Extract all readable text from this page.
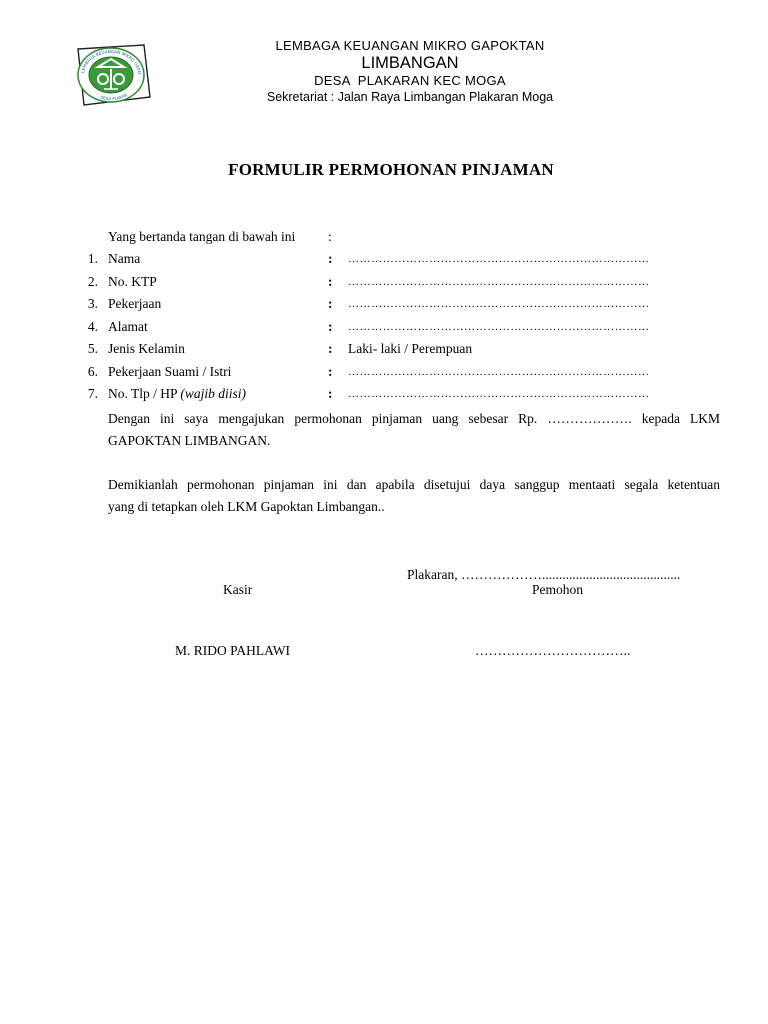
LEMBAGA KEUANGAN MIKRO GAPO
DESA PLAKAR
LEMBAGA KEUANGAN MIKRO GAPOKTAN
LIMBANGAN
DESA  PLAKARAN KEC MOGA
Sekretariat : Jalan Raya Limbangan Plakaran Moga
FORMULIR PERMOHONAN PINJAMAN
Yang bertanda tangan di bawah ini :
1. Nama	: ……………………………………………………………………
2. No. KTP	: ……………………………………………………………………
3. Pekerjaan	: ……………………………………………………………………
4. Alamat	: ……………………………………………………………………
5. Jenis Kelamin	: Laki- laki / Perempuan
6. Pekerjaan Suami / Istri	: ……………………………………………………………………
7. No. Tlp / HP (wajib diisi)	: ……………………………………………………………………
Dengan ini saya mengajukan permohonan pinjaman uang sebesar Rp. ………………. kepada LKM
GAPOKTAN LIMBANGAN.
Demikianlah permohonan pinjaman ini dan apabila disetujui daya sanggup mentaati segala ketentuan
yang di tetapkan oleh LKM Gapoktan Limbangan..
Plakaran, ……………….........................................
Kasir	Pemohon
M. RIDO PAHLAWI	……………………………..
